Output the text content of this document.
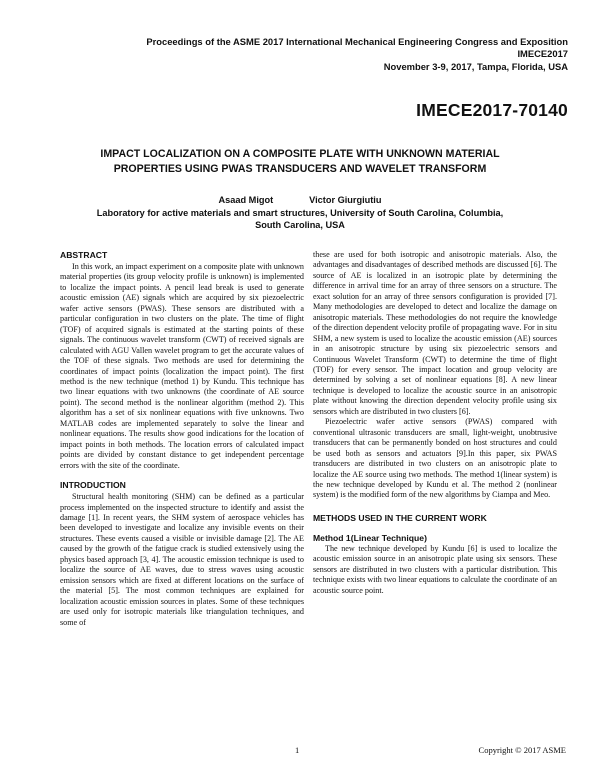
Proceedings of the ASME 2017 International Mechanical Engineering Congress and Exposition
IMECE2017
November 3-9, 2017, Tampa, Florida, USA
IMECE2017-70140
IMPACT LOCALIZATION ON A COMPOSITE PLATE WITH UNKNOWN MATERIAL
PROPERTIES USING PWAS TRANSDUCERS AND WAVELET TRANSFORM
Asaad Migot	Victor Giurgiutiu
Laboratory for active materials and smart structures, University of South Carolina, Columbia,
South Carolina, USA
ABSTRACT

In this work, an impact experiment on a composite plate with unknown material properties (its group velocity profile is unknown) is implemented to localize the impact points. A pencil lead break is used to generate acoustic emission (AE) signals which are acquired by six piezoelectric wafer active sensors (PWAS). These sensors are distributed with a particular configuration in two clusters on the plate. The time of flight (TOF) of acquired signals is estimated at the starting points of these signals. The continuous wavelet transform (CWT) of received signals are calculated with AGU Vallen wavelet program to get the accurate values of the TOF of these signals. Two methods are used for determining the coordinates of impact points (localization the impact point). The first method is the new technique (method 1) by Kundu. This technique has two linear equations with two unknowns (the coordinate of AE source point). The second method is the nonlinear algorithm (method 2). This algorithm has a set of six nonlinear equations with five unknowns. Two MATLAB codes are implemented separately to solve the linear and nonlinear equations. The results show good indications for the location of impact points in both methods. The location errors of calculated impact points are divided by constant distance to get independent percentage errors with the site of the coordinate.

INTRODUCTION

Structural health monitoring (SHM) can be defined as a particular process implemented on the inspected structure to identify and assist the damage [1]. In recent years, the SHM system of aerospace vehicles has been developed to investigate and localize any invisible events on their structures. These events caused a visible or invisible damage [2]. The AE caused by the growth of the fatigue crack is studied extensively using the physics based approach [3, 4]. The acoustic emission technique is used to localize the source of AE waves, due to stress waves using acoustic emission sensors which are fixed at different locations on the surface of the material [5]. The most common techniques are explained for localization acoustic emission sources in plates. Some of these techniques are used only for isotropic materials like triangulation techniques, and some of

these are used for both isotropic and anisotropic materials. Also, the advantages and disadvantages of described methods are discussed [6]. The source of AE is localized in an isotropic plate by determining the difference in arrival time for an array of three sensors on a structure. The exact solution for an array of three sensors configuration is provided [7]. Many methodologies are developed to detect and localize the damage on anisotropic materials. These methodologies do not require the knowledge of the direction dependent velocity profile of propagating wave. For in situ SHM, a new system is used to localize the acoustic emission (AE) sources in an anisotropic structure by using six piezoelectric sensors and Continuous Wavelet Transform (CWT) to determine the time of flight (TOF) for every sensor. The impact location and group velocity are determined by solving a set of nonlinear equations [8]. A new linear technique is developed to localize the acoustic source in an anisotropic plate without knowing the direction dependent velocity profile using six sensors which are distributed in two clusters [6].

Piezoelectric wafer active sensors (PWAS) compared with conventional ultrasonic transducers are small, light-weight, unobtrusive transducers that can be permanently bonded on host structures and could be used both as sensors and actuators [9].In this paper, six PWAS transducers are distributed in two clusters on an anisotropic plate to localize the AE source using two methods. The method 1(linear system) is the new technique developed by Kundu et al. The method 2 (nonlinear system) is the modified form of the new algorithms by Ciampa and Meo.

METHODS USED IN THE CURRENT WORK
Method 1(Linear Technique)

The new technique developed by Kundu [6] is used to localize the acoustic emission source in an anisotropic plate using six sensors. These sensors are distributed in two clusters with a particular distribution. This technique exists with two linear equations to calculate the coordinate of an acoustic source point.

1	Copyright © 2017 ASME
